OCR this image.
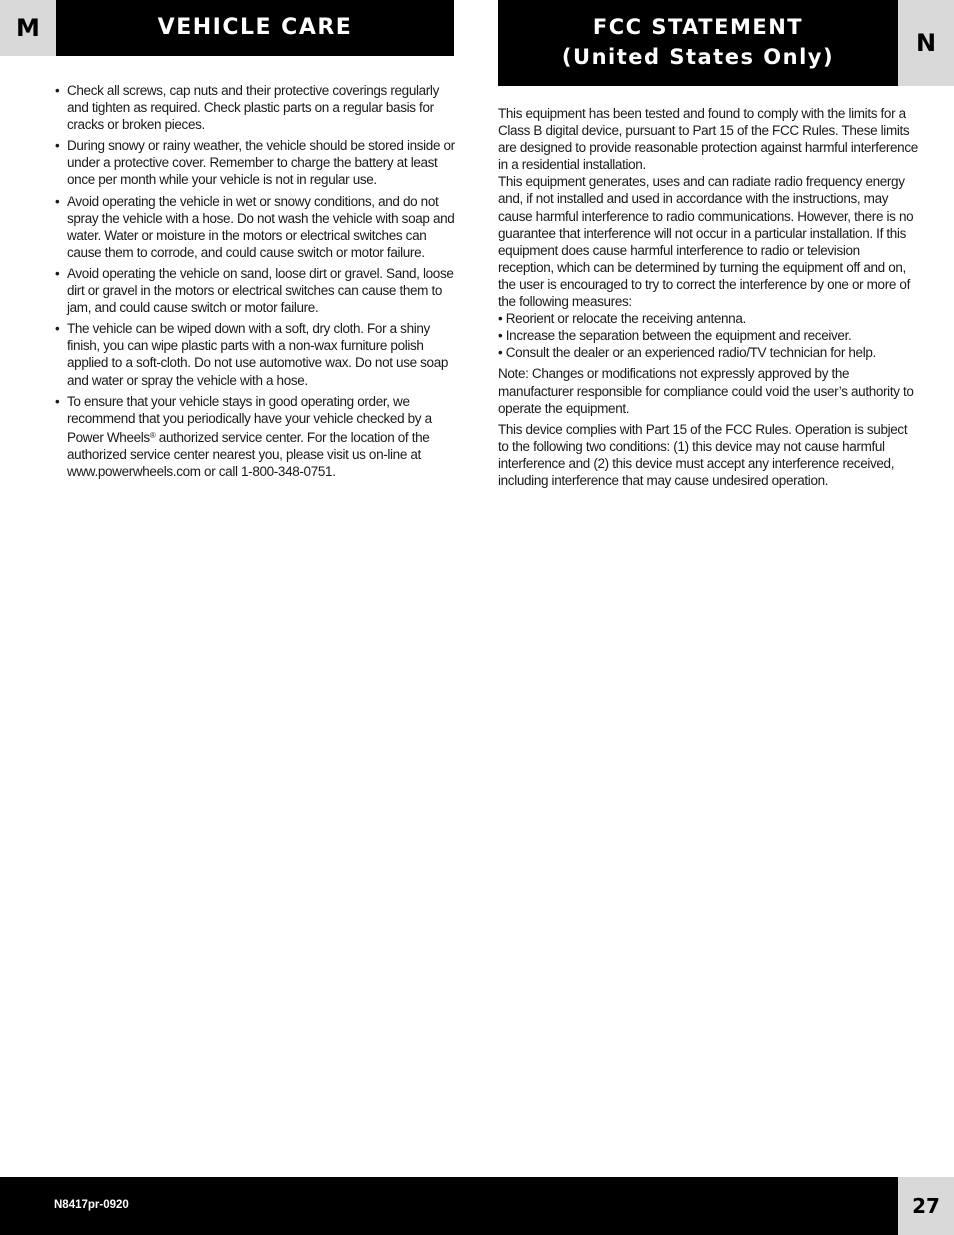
M	VEHICLE CARE	FCC STATEMENT
(United States Only)	N
• Check all screws, cap nuts and their protective coverings regularly and tighten as required. Check plastic parts on a regular basis for cracks or broken pieces.
• During snowy or rainy weather, the vehicle should be stored inside or under a protective cover. Remember to charge the battery at least once per month while your vehicle is not in regular use.
• Avoid operating the vehicle in wet or snowy conditions, and do not spray the vehicle with a hose. Do not wash the vehicle with soap and water. Water or moisture in the motors or electrical switches can cause them to corrode, and could cause switch or motor failure.
• Avoid operating the vehicle on sand, loose dirt or gravel. Sand, loose dirt or gravel in the motors or electrical switches can cause them to jam, and could cause switch or motor failure.
• The vehicle can be wiped down with a soft, dry cloth. For a shiny finish, you can wipe plastic parts with a non-wax furniture polish applied to a soft-cloth. Do not use automotive wax. Do not use soap and water or spray the vehicle with a hose.
• To ensure that your vehicle stays in good operating order, we recommend that you periodically have your vehicle checked by a Power Wheels® authorized service center. For the location of the authorized service center nearest you, please visit us on-line at www.powerwheels.com or call 1-800-348-0751.

This equipment has been tested and found to comply with the limits for a Class B digital device, pursuant to Part 15 of the FCC Rules. These limits are designed to provide reasonable protection against harmful interference in a residential installation.

This equipment generates, uses and can radiate radio frequency energy and, if not installed and used in accordance with the instructions, may cause harmful interference to radio communications. However, there is no guarantee that interference will not occur in a particular installation. If this equipment does cause harmful interference to radio or television reception, which can be determined by turning the equipment off and on, the user is encouraged to try to correct the interference by one or more of the following measures:

• Reorient or relocate the receiving antenna.

• Increase the separation between the equipment and receiver.

• Consult the dealer or an experienced radio/TV technician for help.

Note: Changes or modifications not expressly approved by the manufacturer responsible for compliance could void the user’s authority to operate the equipment.

This device complies with Part 15 of the FCC Rules. Operation is subject to the following two conditions: (1) this device may not cause harmful interference and (2) this device must accept any interference received, including interference that may cause undesired operation.

N8417pr-0920	27
